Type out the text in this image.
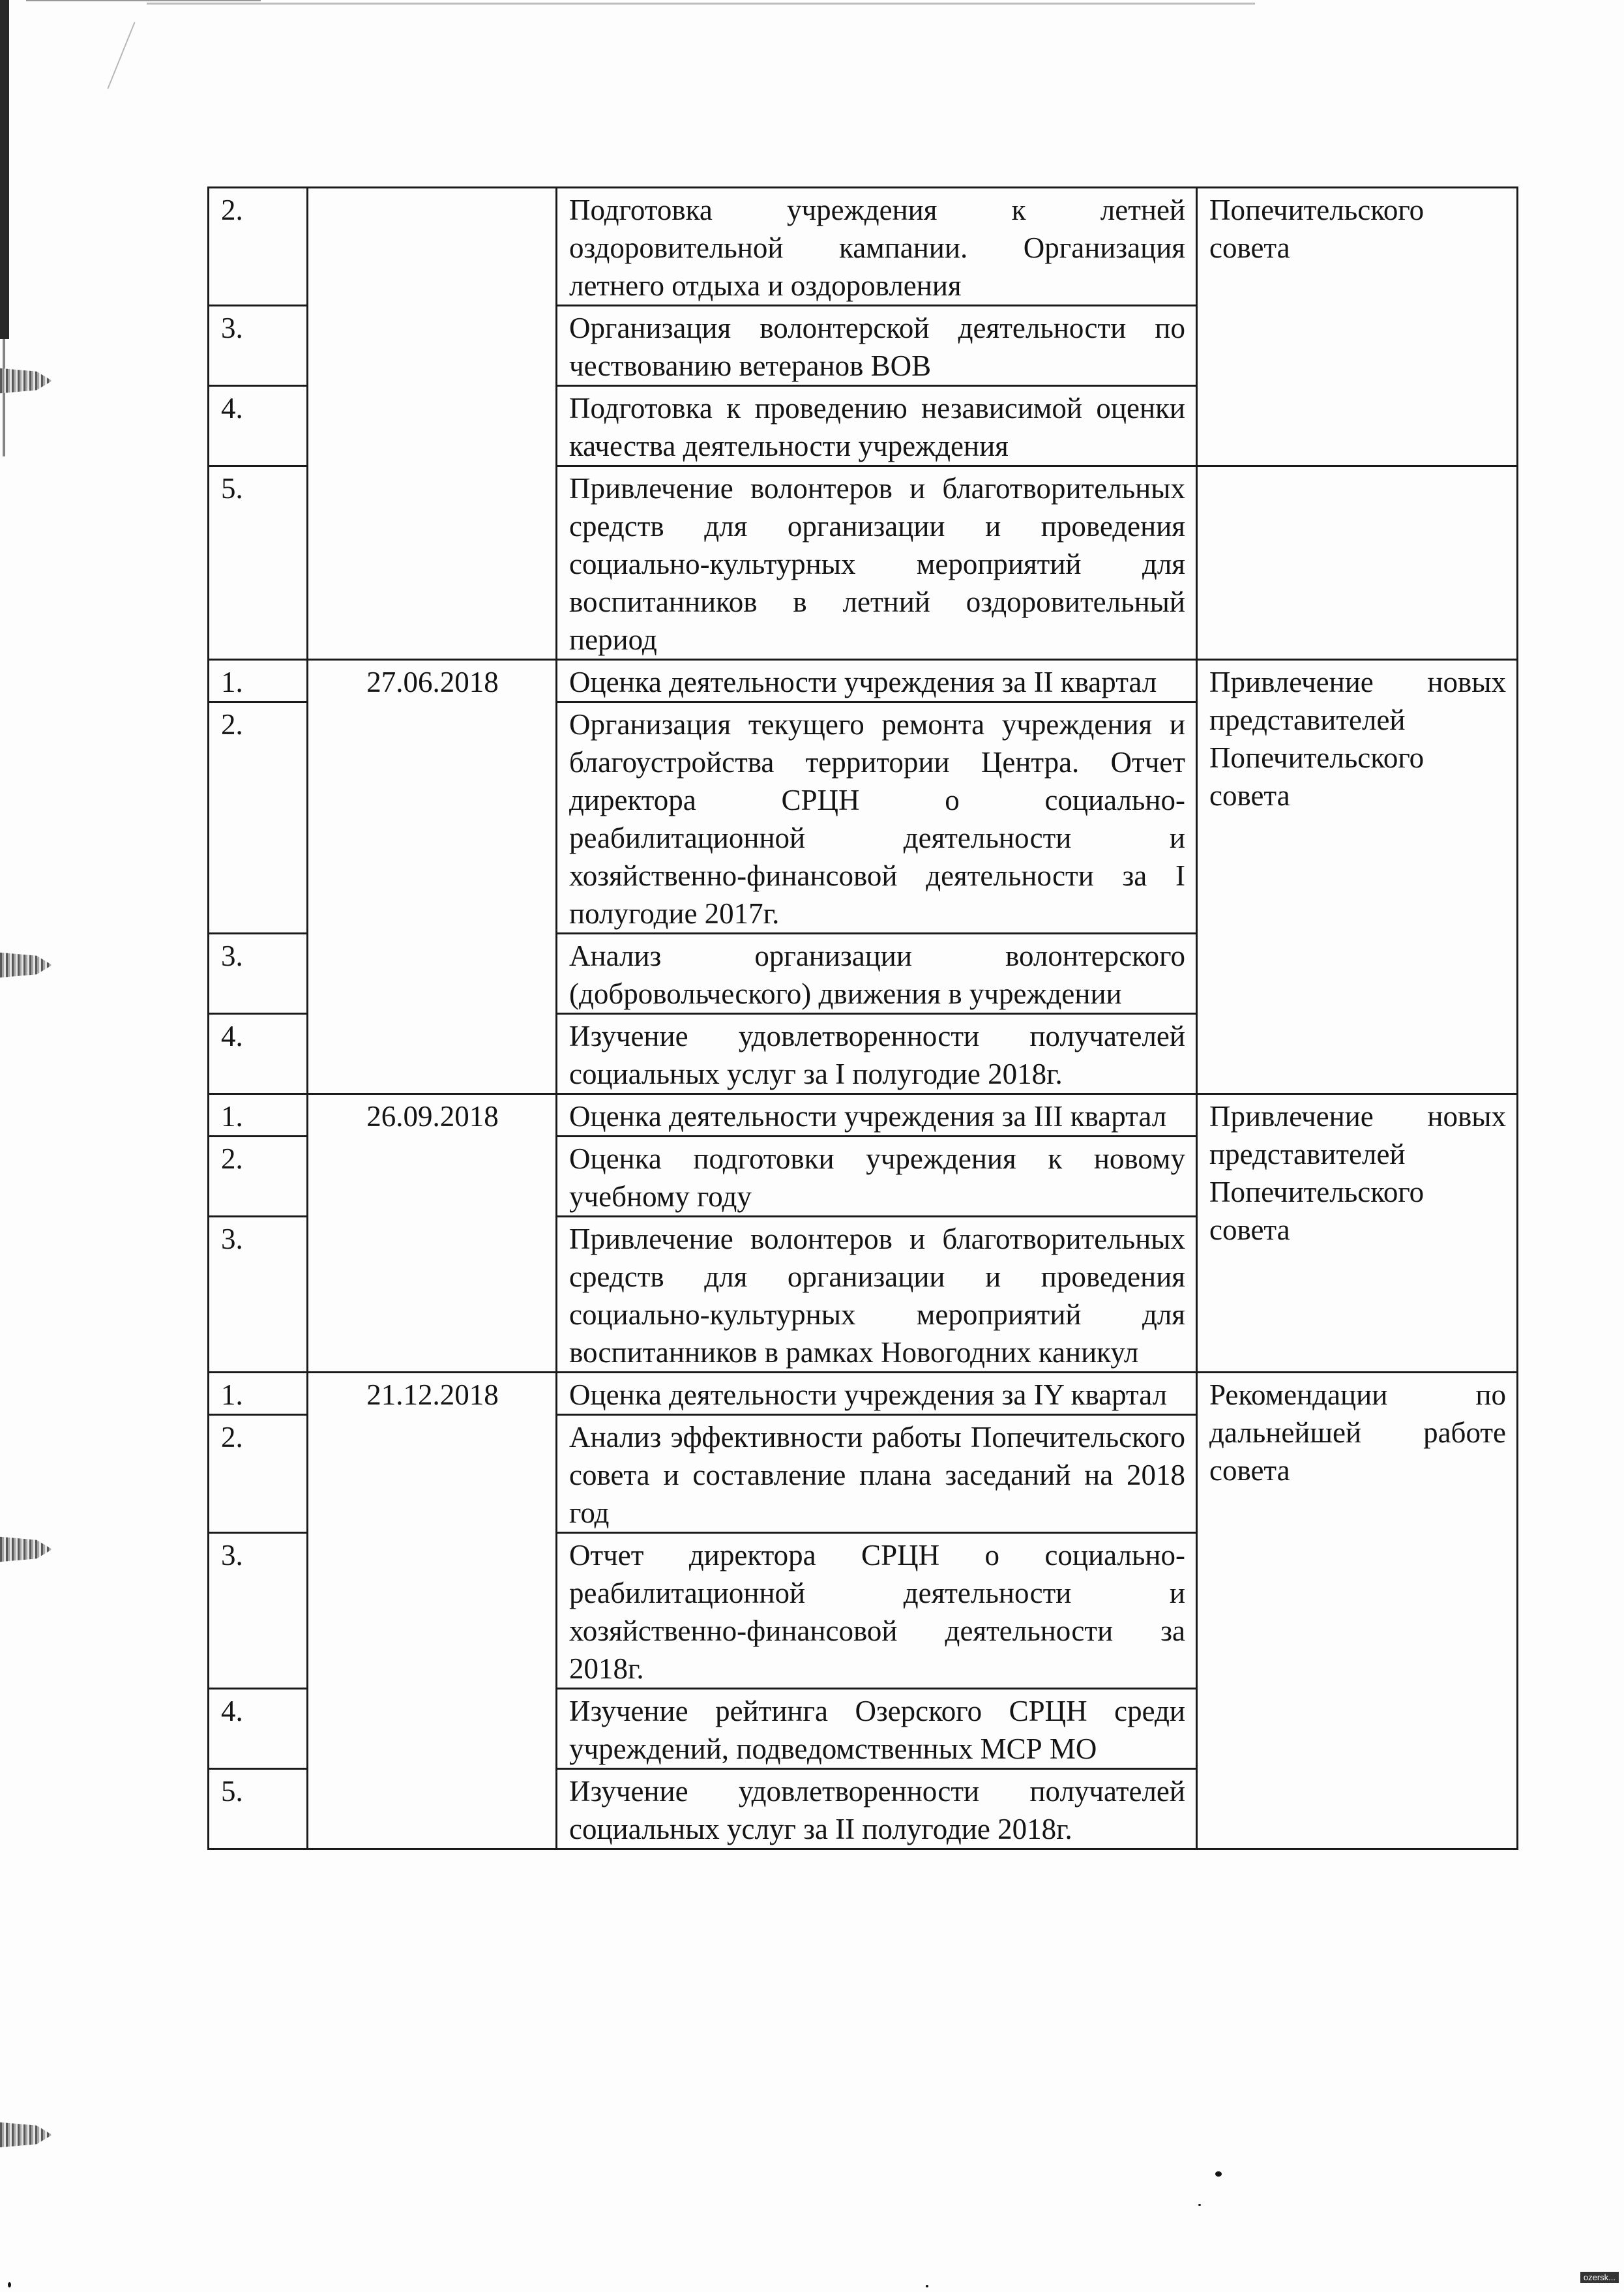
2.		Подготовка учреждения к летней оздоровительной кампании. Организация летнего отдыха и оздоровления	Попечительского совета
3.		Организация волонтерской деятельности по чествованию ветеранов ВОВ	
4.		Подготовка к проведению независимой оценки качества деятельности учреждения	
5.		Привлечение волонтеров и благотворительных средств для организации и проведения социально-культурных мероприятий для воспитанников в летний оздоровительный период	
1.	27.06.2018	Оценка деятельности учреждения за II квартал	Привлечение новых представителей Попечительского совета
2.		Организация текущего ремонта учреждения и благоустройства территории Центра. Отчет директора СРЦН о социально-реабилитационной деятельности и хозяйственно-финансовой деятельности за I полугодие 2017г.	
3.		Анализ организации волонтерского (добровольческого) движения в учреждении	
4.		Изучение удовлетворенности получателей социальных услуг за I полугодие 2018г.	
1.	26.09.2018	Оценка деятельности учреждения за III квартал	Привлечение новых представителей Попечительского совета
2.		Оценка подготовки учреждения к новому учебному году	
3.		Привлечение волонтеров и благотворительных средств для организации и проведения социально-культурных мероприятий для воспитанников в рамках Новогодних каникул	
1.	21.12.2018	Оценка деятельности учреждения за IY квартал	Рекомендации по дальнейшей работе совета
2.		Анализ эффективности работы Попечительского совета и составление плана заседаний на 2018 год	
3.		Отчет директора СРЦН о социально-реабилитационной деятельности и хозяйственно-финансовой деятельности за 2018г.	
4.		Изучение рейтинга Озерского СРЦН среди учреждений, подведомственных МСР МО	
5.		Изучение удовлетворенности получателей социальных услуг за II полугодие 2018г.	
ozersk...
